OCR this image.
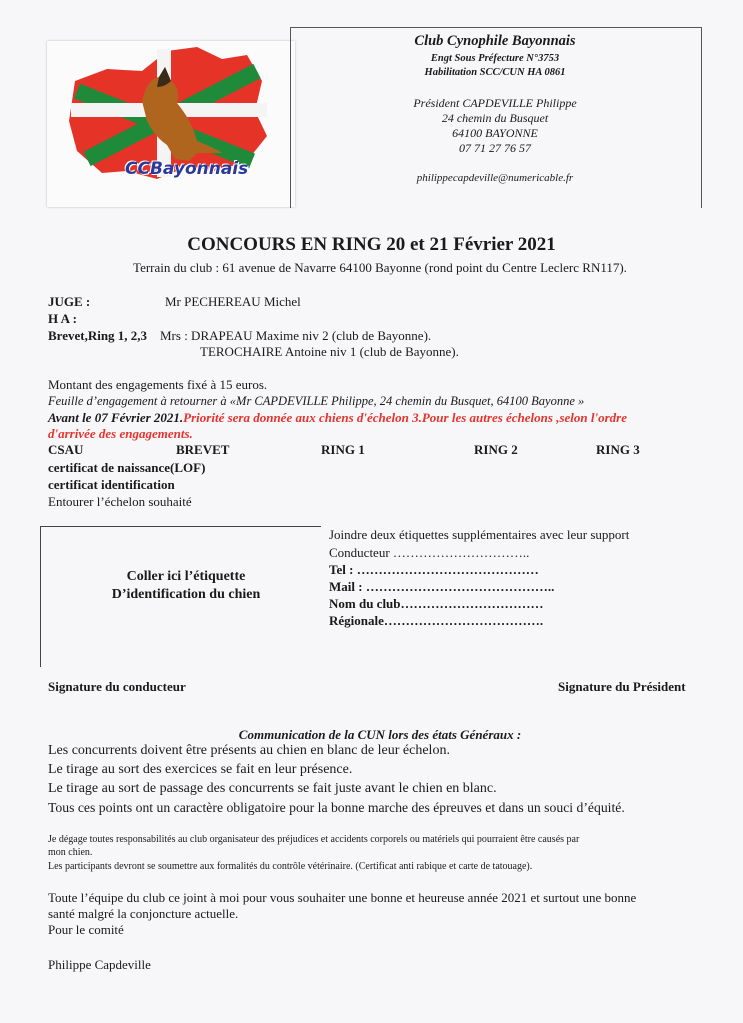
CCBayonnais
Club Cynophile Bayonnais
Engt Sous Préfecture N°3753
Habilitation SCC/CUN HA 0861
Président CAPDEVILLE Philippe
24 chemin du Busquet
64100 BAYONNE
07 71 27 76 57
philippecapdeville@numericable.fr
CONCOURS EN RING 20 et 21 Février 2021
Terrain du club : 61 avenue de Navarre 64100 Bayonne (rond point du Centre Leclerc RN117).
JUGE :	Mr PECHEREAU Michel
H A :
Brevet,Ring 1, 2,3 Mrs : DRAPEAU Maxime niv 2 (club de Bayonne).
TEROCHAIRE Antoine niv 1 (club de Bayonne).
Montant des engagements fixé à 15 euros.
Feuille d’engagement à retourner à «Mr CAPDEVILLE Philippe, 24 chemin du Busquet, 64100 Bayonne »
Avant le 07 Février 2021.Priorité sera donnée aux chiens d'échelon 3.Pour les autres échelons ,selon l'ordre
d'arrivée des engagements.
CSAU	BREVET	RING 1	RING 2	RING 3
certificat de naissance(LOF)
certificat identification
Entourer l’échelon souhaité
Coller ici l’étiquette
D’identification du chien
Joindre deux étiquettes supplémentaires avec leur support
Conducteur …………………………..
Tel : ……………………………………
Mail : ……………………………………..
Nom du club……………………………
Régionale……………………………….
Signature du conducteur	Signature du Président
Communication de la CUN lors des états Généraux :
Les concurrents doivent être présents au chien en blanc de leur échelon.
Le tirage au sort des exercices se fait en leur présence.
Le tirage au sort de passage des concurrents se fait juste avant le chien en blanc.
Tous ces points ont un caractère obligatoire pour la bonne marche des épreuves et dans un souci d’équité.
Je dégage toutes responsabilités au club organisateur des préjudices et accidents corporels ou matériels qui pourraient être causés par
mon chien.
Les participants devront se soumettre aux formalités du contrôle vétérinaire. (Certificat anti rabique et carte de tatouage).
Toute l’équipe du club ce joint à moi pour vous souhaiter une bonne et heureuse année 2021 et surtout une bonne
santé malgré la conjoncture actuelle.
Pour le comité
Philippe Capdeville
